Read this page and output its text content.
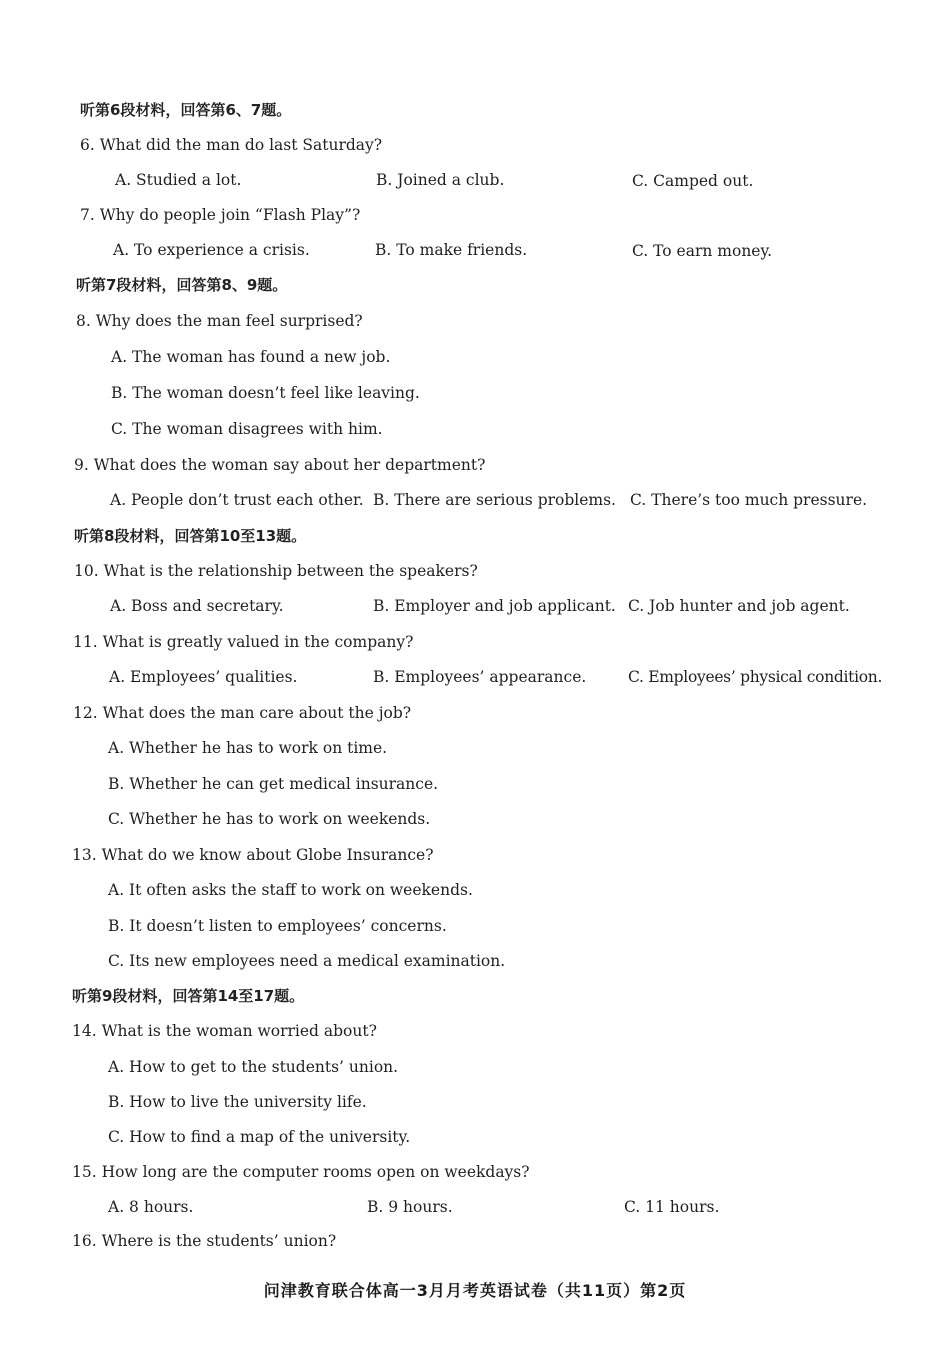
听第6段材料，回答第6、7题。
6. What did the man do last Saturday?
A. Studied a lot.	B. Joined a club.	C. Camped out.
7. Why do people join “Flash Play”?
A. To experience a crisis.	B. To make friends.	C. To earn money.
听第7段材料，回答第8、9题。
8. Why does the man feel surprised?
A. The woman has found a new job.
B. The woman doesn’t feel like leaving.
C. The woman disagrees with him.
9. What does the woman say about her department?
A. People don’t trust each other. B. There are serious problems. C. There’s too much pressure.
听第8段材料，回答第10至13题。
10. What is the relationship between the speakers?
A. Boss and secretary.	B. Employer and job applicant. C. Job hunter and job agent.
11. What is greatly valued in the company?
A. Employees’ qualities.	B. Employees’ appearance.	C. Employees’ physical condition.
12. What does the man care about the job?
A. Whether he has to work on time.
B. Whether he can get medical insurance.
C. Whether he has to work on weekends.
13. What do we know about Globe Insurance?
A. It often asks the staff to work on weekends.
B. It doesn’t listen to employees’ concerns.
C. Its new employees need a medical examination.
听第9段材料，回答第14至17题。
14. What is the woman worried about?
A. How to get to the students’ union.
B. How to live the university life.
C. How to find a map of the university.
15. How long are the computer rooms open on weekdays?
A. 8 hours.	B. 9 hours.	C. 11 hours.
16. Where is the students’ union?
问津教育联合体高一3月月考英语试卷（共11页）第2页
